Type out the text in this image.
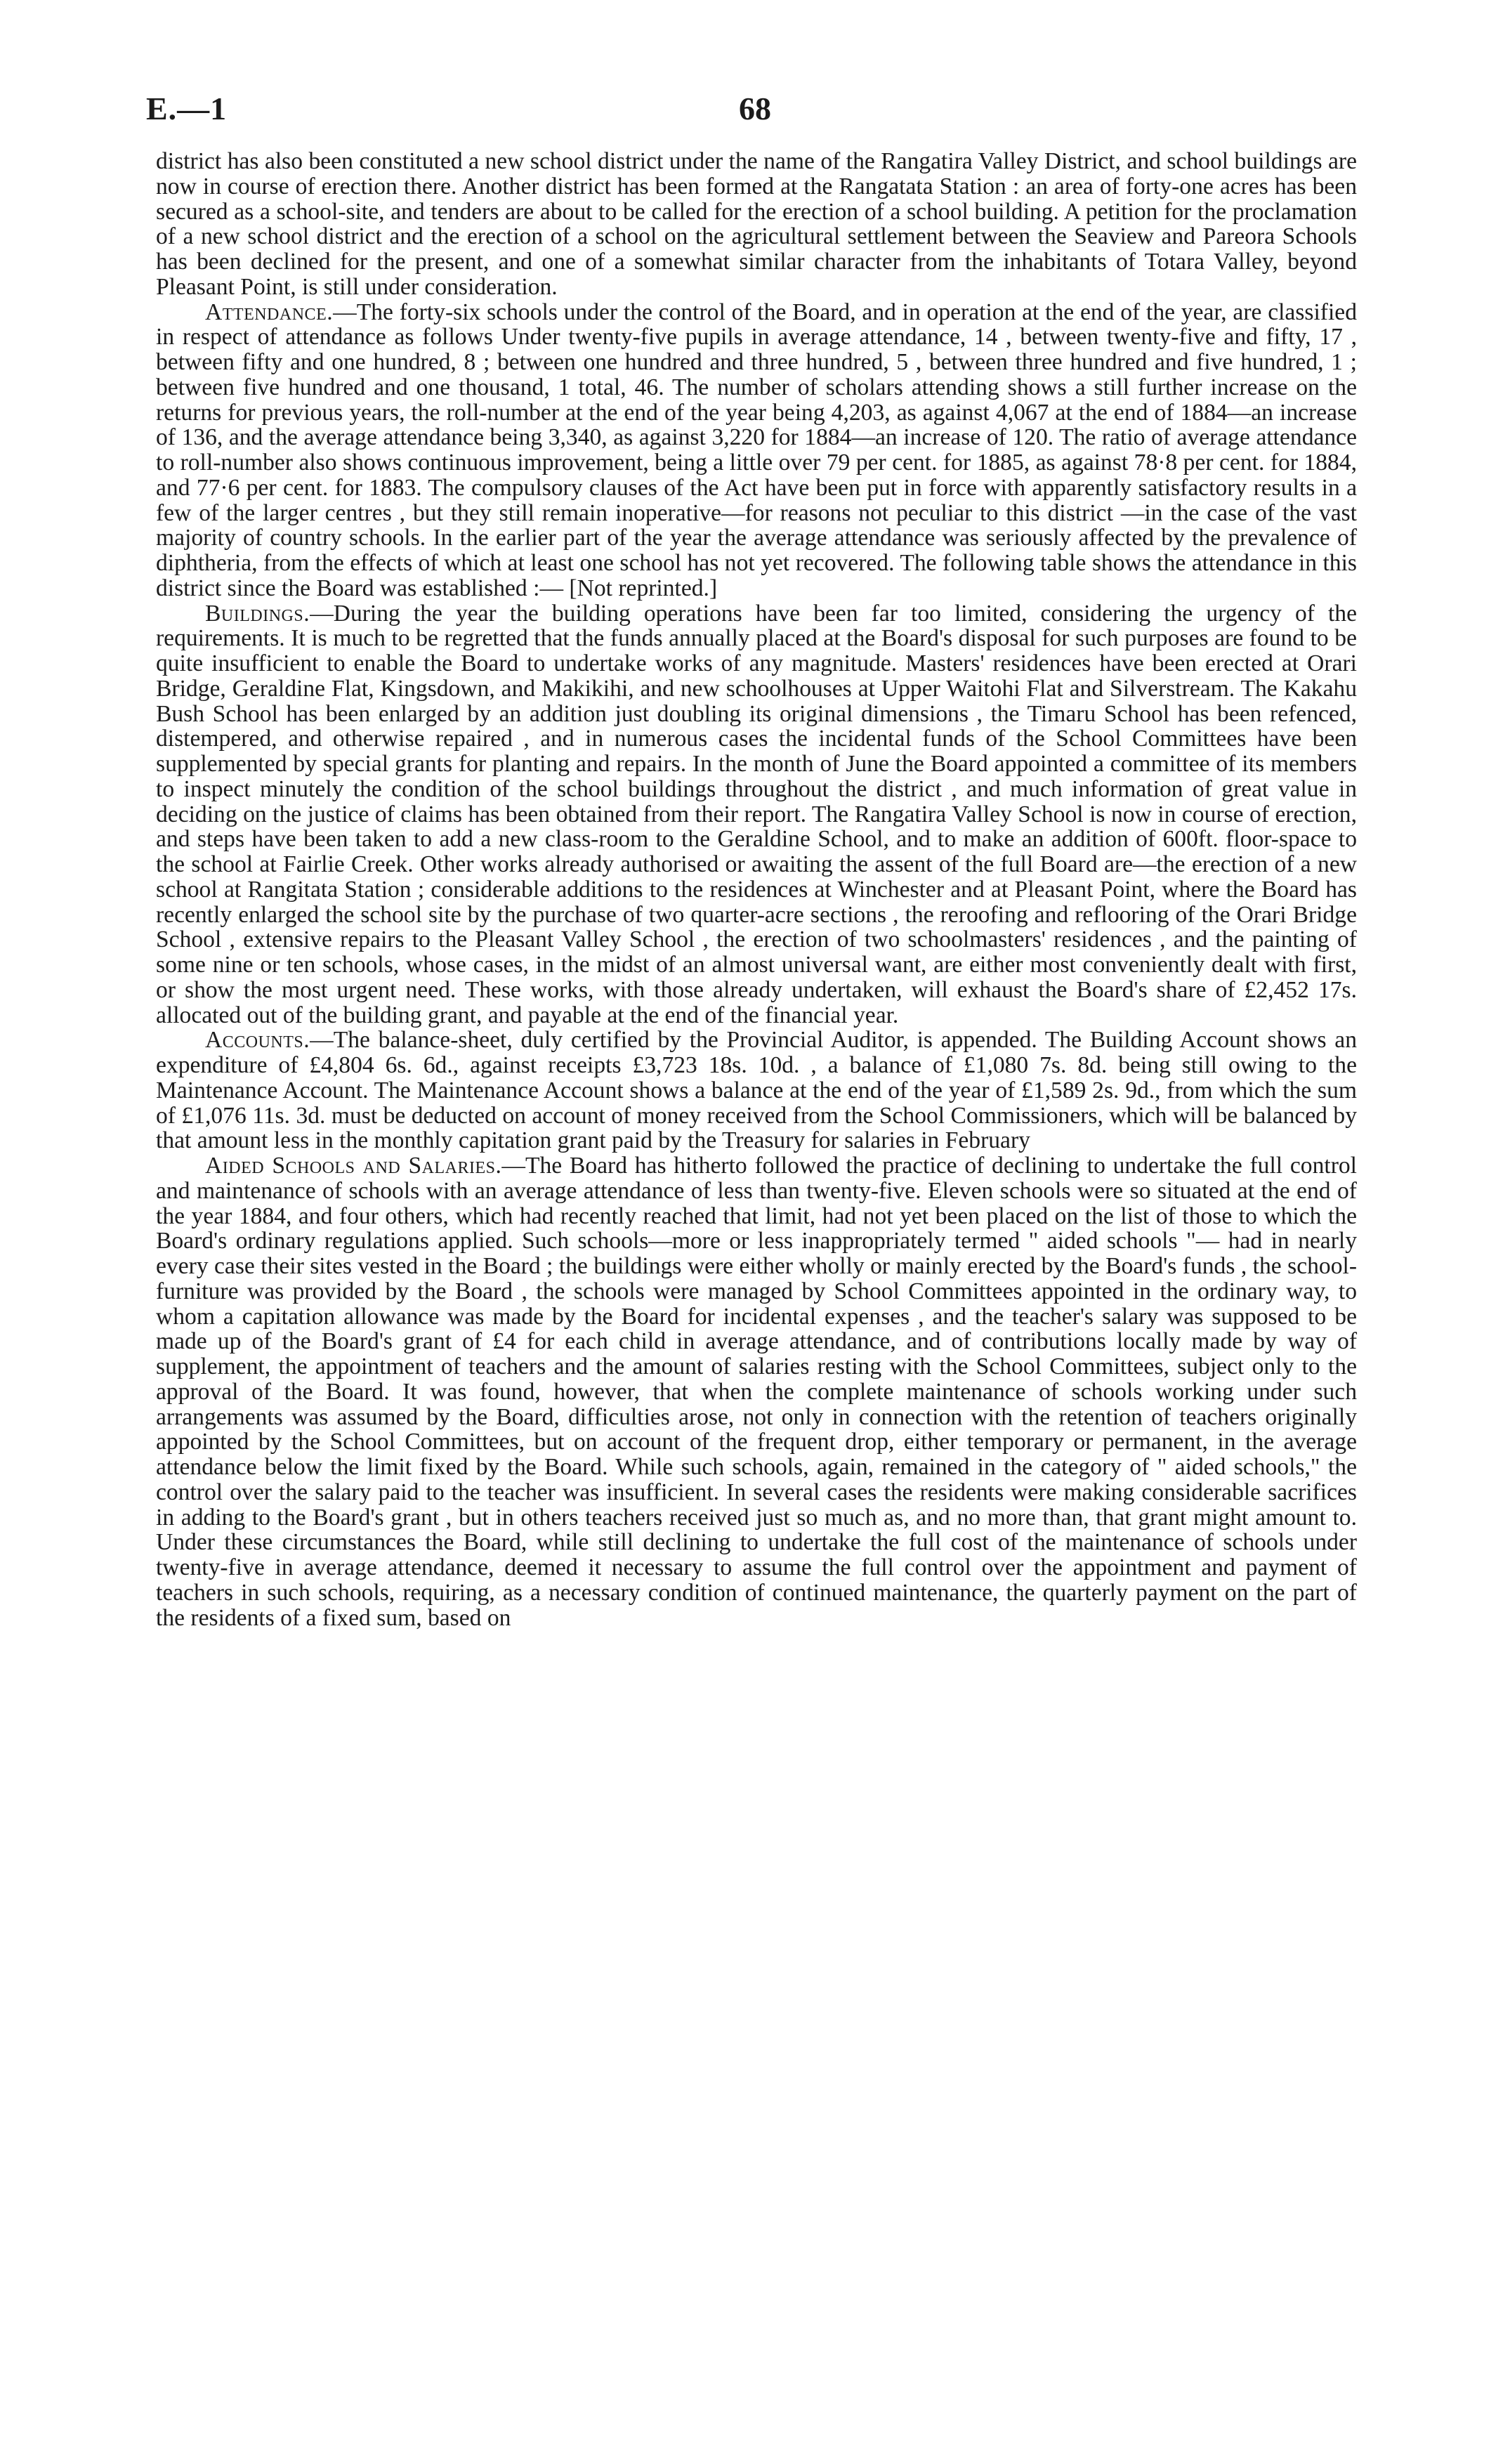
E.—1	68

district has also been constituted a new school district under the name of the Rangatira Valley District, and school buildings are now in course of erection there. Another district has been formed at the Rangatata Station : an area of forty-one acres has been secured as a school-site, and tenders are about to be called for the erection of a school building. A petition for the proclamation of a new school district and the erection of a school on the agricultural settlement between the Seaview and Pareora Schools has been declined for the present, and one of a somewhat similar character from the inhabitants of Totara Valley, beyond Pleasant Point, is still under consideration.

Attendance.—The forty-six schools under the control of the Board, and in operation at the end of the year, are classified in respect of attendance as follows Under twenty-five pupils in average attendance, 14 , between twenty-five and fifty, 17 , between fifty and one hundred, 8 ; between one hundred and three hundred, 5 , between three hundred and five hundred, 1 ; between five hundred and one thousand, 1 total, 46. The number of scholars attending shows a still further increase on the returns for previous years, the roll-number at the end of the year being 4,203, as against 4,067 at the end of 1884—an increase of 136, and the average attendance being 3,340, as against 3,220 for 1884—an increase of 120. The ratio of average attendance to roll-number also shows continuous improvement, being a little over 79 per cent. for 1885, as against 78·8 per cent. for 1884, and 77·6 per cent. for 1883. The compulsory clauses of the Act have been put in force with apparently satisfactory results in a few of the larger centres , but they still remain inoperative—for reasons not peculiar to this district —in the case of the vast majority of country schools. In the earlier part of the year the average attendance was seriously affected by the prevalence of diphtheria, from the effects of which at least one school has not yet recovered. The following table shows the attendance in this district since the Board was established :— [Not reprinted.]

Buildings.—During the year the building operations have been far too limited, considering the urgency of the requirements. It is much to be regretted that the funds annually placed at the Board's disposal for such purposes are found to be quite insufficient to enable the Board to undertake works of any magnitude. Masters' residences have been erected at Orari Bridge, Geraldine Flat, Kingsdown, and Makikihi, and new schoolhouses at Upper Waitohi Flat and Silverstream. The Kakahu Bush School has been enlarged by an addition just doubling its original dimensions , the Timaru School has been refenced, distempered, and otherwise repaired , and in numerous cases the incidental funds of the School Committees have been supplemented by special grants for planting and repairs. In the month of June the Board appointed a committee of its members to inspect minutely the condition of the school buildings throughout the district , and much information of great value in deciding on the justice of claims has been obtained from their report. The Rangatira Valley School is now in course of erection, and steps have been taken to add a new class-room to the Geraldine School, and to make an addition of 600ft. floor-space to the school at Fairlie Creek. Other works already authorised or awaiting the assent of the full Board are—the erection of a new school at Rangitata Station ; considerable additions to the residences at Winchester and at Pleasant Point, where the Board has recently enlarged the school site by the purchase of two quarter-acre sections , the reroofing and reflooring of the Orari Bridge School , extensive repairs to the Pleasant Valley School , the erection of two schoolmasters' residences , and the painting of some nine or ten schools, whose cases, in the midst of an almost universal want, are either most conveniently dealt with first, or show the most urgent need. These works, with those already undertaken, will exhaust the Board's share of £2,452 17s. allocated out of the building grant, and payable at the end of the financial year.

Accounts.—The balance-sheet, duly certified by the Provincial Auditor, is appended. The Building Account shows an expenditure of £4,804 6s. 6d., against receipts £3,723 18s. 10d. , a balance of £1,080 7s. 8d. being still owing to the Maintenance Account. The Maintenance Account shows a balance at the end of the year of £1,589 2s. 9d., from which the sum of £1,076 11s. 3d. must be deducted on account of money received from the School Commissioners, which will be balanced by that amount less in the monthly capitation grant paid by the Treasury for salaries in February

Aided Schools and Salaries.—The Board has hitherto followed the practice of declining to undertake the full control and maintenance of schools with an average attendance of less than twenty-five. Eleven schools were so situated at the end of the year 1884, and four others, which had recently reached that limit, had not yet been placed on the list of those to which the Board's ordinary regulations applied. Such schools—more or less inappropriately termed " aided schools "— had in nearly every case their sites vested in the Board ; the buildings were either wholly or mainly erected by the Board's funds , the school-furniture was provided by the Board , the schools were managed by School Committees appointed in the ordinary way, to whom a capitation allowance was made by the Board for incidental expenses , and the teacher's salary was supposed to be made up of the Board's grant of £4 for each child in average attendance, and of contributions locally made by way of supplement, the appointment of teachers and the amount of salaries resting with the School Committees, subject only to the approval of the Board. It was found, however, that when the complete maintenance of schools working under such arrangements was assumed by the Board, difficulties arose, not only in connection with the retention of teachers originally appointed by the School Committees, but on account of the frequent drop, either temporary or permanent, in the average attendance below the limit fixed by the Board. While such schools, again, remained in the category of " aided schools," the control over the salary paid to the teacher was insufficient. In several cases the residents were making considerable sacrifices in adding to the Board's grant , but in others teachers received just so much as, and no more than, that grant might amount to. Under these circumstances the Board, while still declining to undertake the full cost of the maintenance of schools under twenty-five in average attendance, deemed it necessary to assume the full control over the appointment and payment of teachers in such schools, requiring, as a necessary condition of continued maintenance, the quarterly payment on the part of the residents of a fixed sum, based on
